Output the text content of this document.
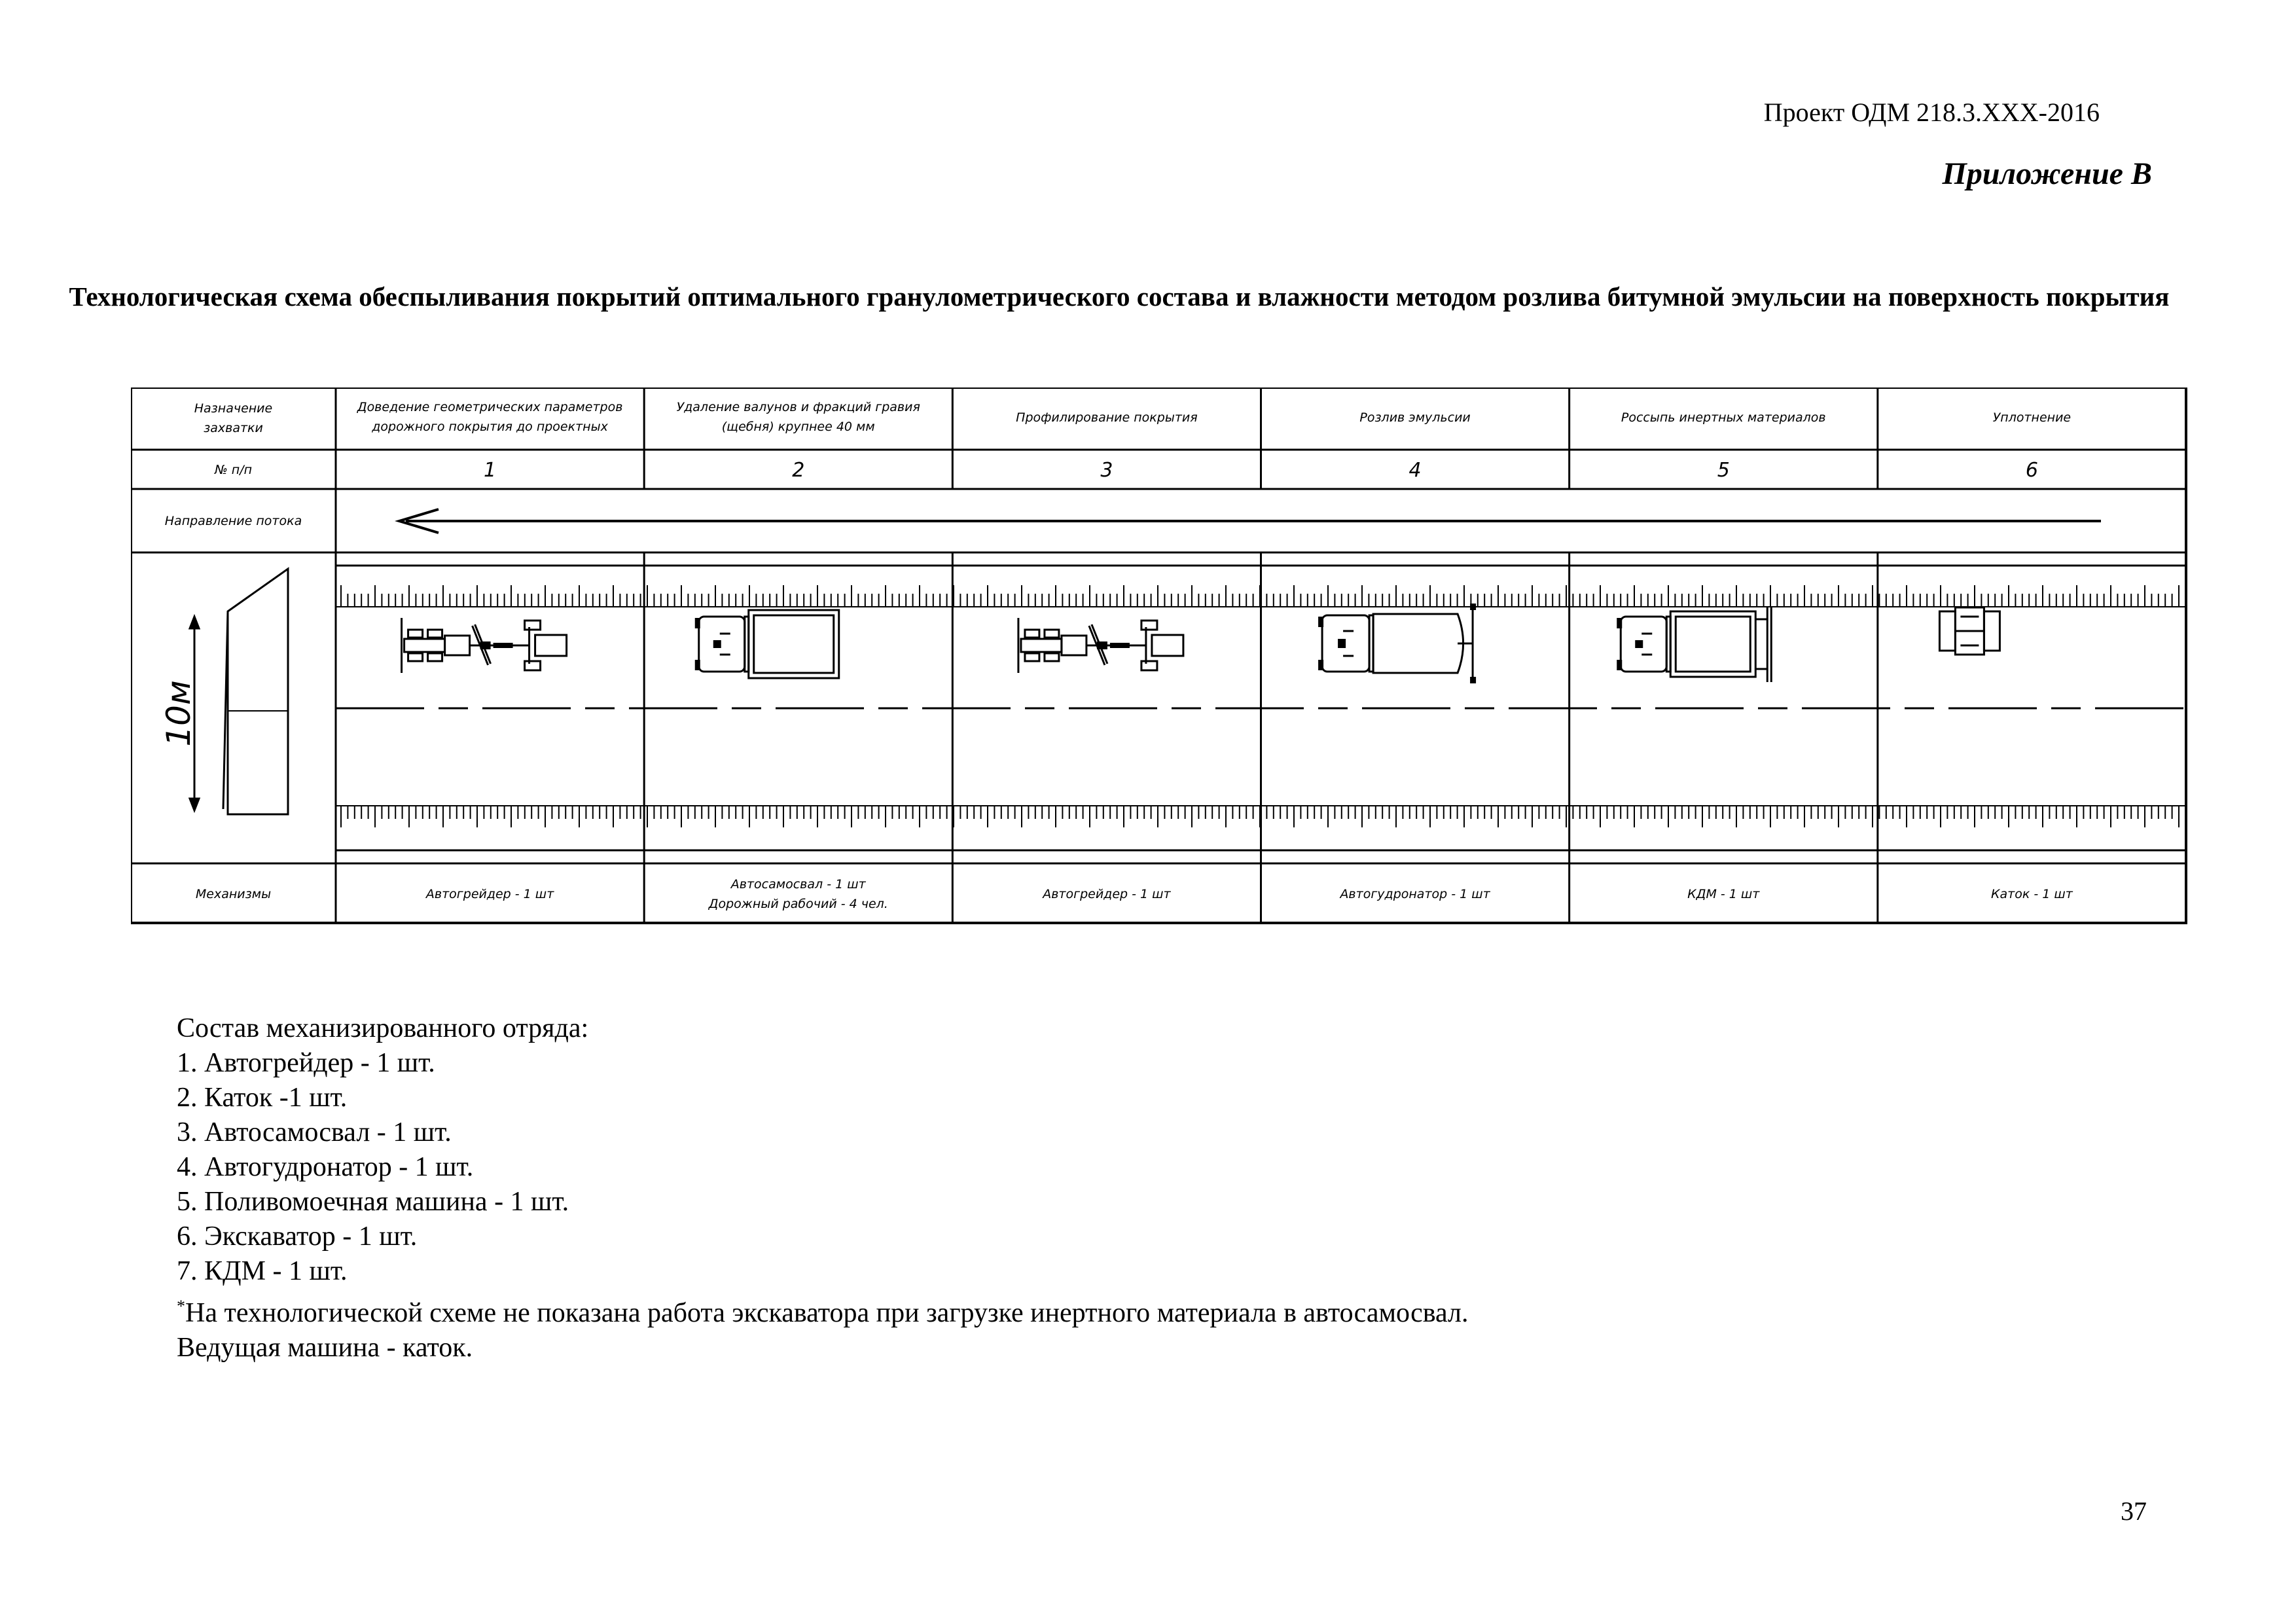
Проект ОДМ 218.3.ХХХ-2016
Приложение В
Технологическая схема обеспыливания покрытий оптимального гранулометрического состава и влажности методом розлива битумной эмульсии на поверхность покрытия
Назначение
захватки
№ п/п
Направление потока
Механизмы
Доведение геометрических параметров
дорожного покрытия до проектных
1
Автогрейдер - 1 шт
Удаление валунов и фракций гравия
(щебня) крупнее 40 мм
2
Автосамосвал - 1 шт
Дорожный рабочий - 4 чел.
Профилирование покрытия
3
Автогрейдер - 1 шт
Розлив эмульсии
4
Автогудронатор - 1 шт
Россыпь инертных материалов
5
КДМ - 1 шт
Уплотнение
6
Каток - 1 шт
10м
Состав механизированного отряда:
1. Автогрейдер - 1 шт.
2. Каток -1 шт.
3. Автосамосвал - 1 шт.
4. Автогудронатор - 1 шт.
5. Поливомоечная машина - 1 шт.
6. Экскаватор - 1 шт.
7. КДМ - 1 шт.
*На технологической схеме не показана работа экскаватора при загрузке инертного материала в автосамосвал.
Ведущая машина - каток.
37
